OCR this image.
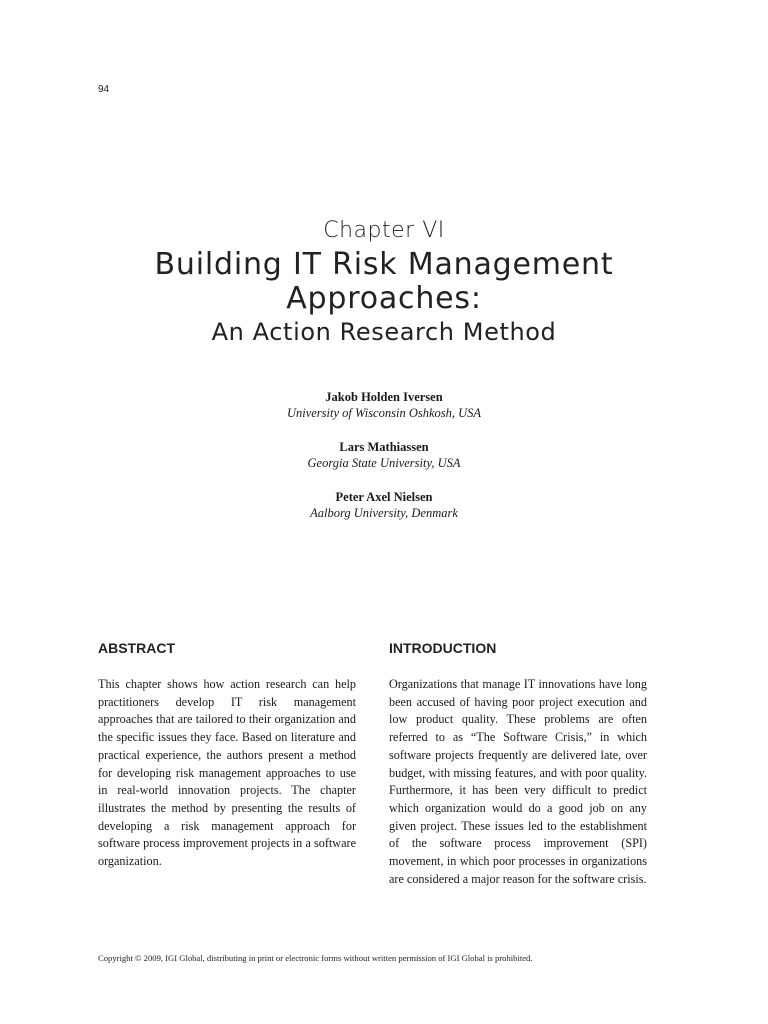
94
Chapter VI
Building IT Risk Management Approaches:
An Action Research Method
Jakob Holden Iversen
University of Wisconsin Oshkosh, USA
Lars Mathiassen
Georgia State University, USA
Peter Axel Nielsen
Aalborg University, Denmark
ABSTRACT

This chapter shows how action research can help practitioners develop IT risk management approaches that are tailored to their organization and the specific issues they face. Based on literature and practical experience, the authors present a method for developing risk management approaches to use in real-world innovation projects. The chapter illustrates the method by presenting the results of developing a risk management approach for software process improvement projects in a software organization.

INTRODUCTION

Organizations that manage IT innovations have long been accused of having poor project execution and low product quality. These problems are often referred to as “The Software Crisis,” in which software projects frequently are delivered late, over budget, with missing features, and with poor quality. Furthermore, it has been very difficult to predict which organization would do a good job on any given project. These issues led to the establishment of the software process improvement (SPI) movement, in which poor processes in organizations are considered a major reason for the software crisis.

Copyright © 2009, IGI Global, distributing in print or electronic forms without written permission of IGI Global is prohibited.
